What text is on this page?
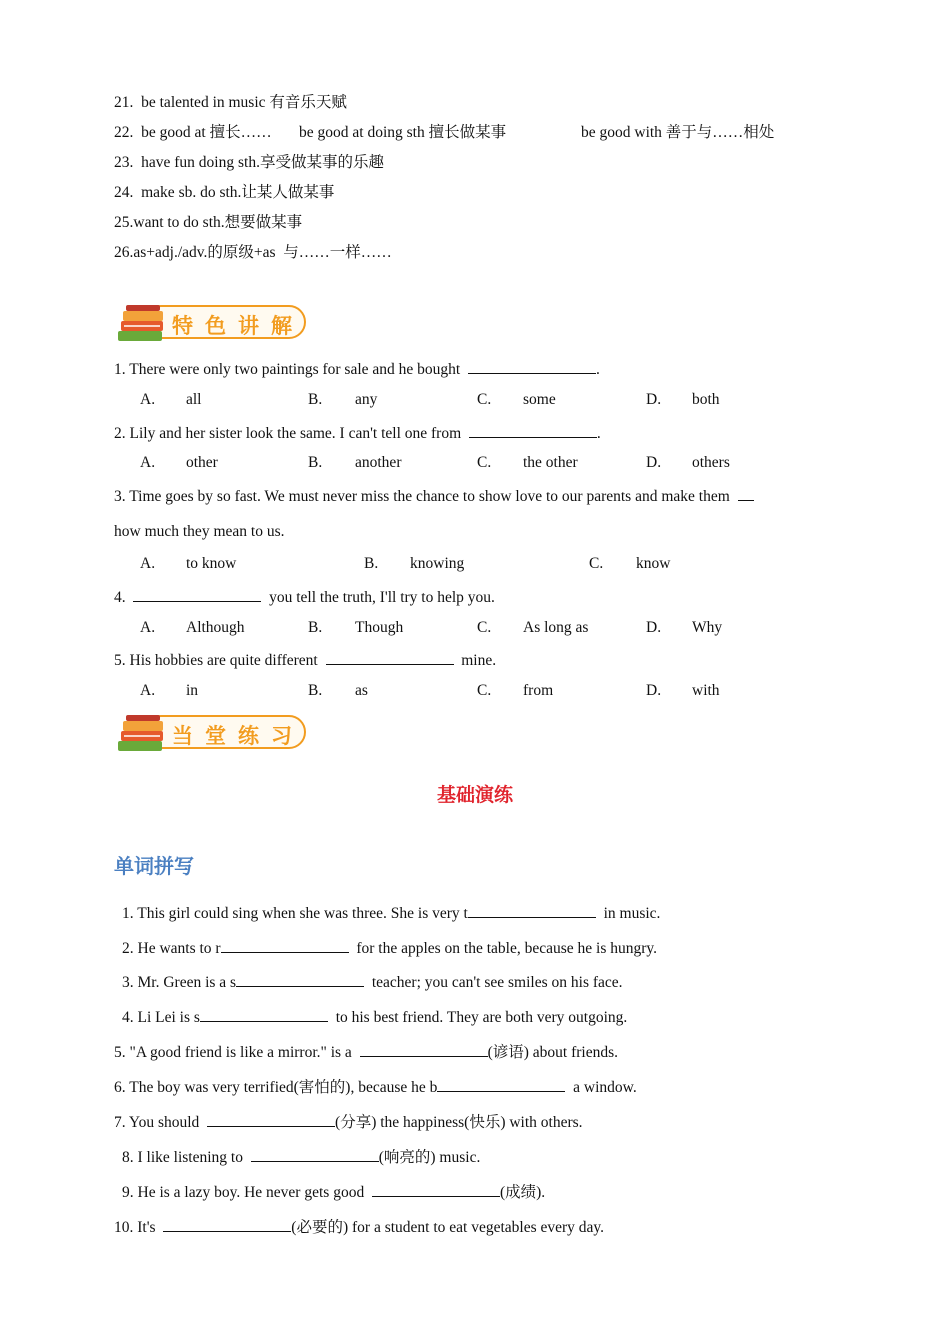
21.  be talented in music 有音乐天赋
22.  be good at 擅长…… be good at doing sth 擅长做某事	be good with 善于与……相处
23.  have fun doing sth.享受做某事的乐趣
24.  make sb. do sth.让某人做某事
25.want to do sth.想要做某事
26.as+adj./adv.的原级+as  与……一样……
特色讲解
1. There were only two paintings for sale and he bought	.
A. all	B. any	C. some	D. both
2. Lily and her sister look the same. I can't tell one from	.
A. other	B. another	C. the other	D. others
3. Time goes by so fast. We must never miss the chance to show love to our parents and make them
how much they mean to us.
A. to know	B. knowing	C. know
4.	you tell the truth, I'll try to help you.
A. Although	B. Though	C. As long as	D. Why
5. His hobbies are quite different	mine.
A. in	B. as	C. from	D. with
当堂练习
基础演练
单词拼写
1. This girl could sing when she was three. She is very t	in music.
2. He wants to r	for the apples on the table, because he is hungry.
3. Mr. Green is a s	teacher; you can't see smiles on his face.
4. Li Lei is s	to his best friend. They are both very outgoing.
5. "A good friend is like a mirror." is a	(谚语) about friends.
6. The boy was very terrified(害怕的), because he b	a window.
7. You should	(分享) the happiness(快乐) with others.
8. I like listening to	(响亮的) music.
9. He is a lazy boy. He never gets good	(成绩).
10. It's	(必要的) for a student to eat vegetables every day.
